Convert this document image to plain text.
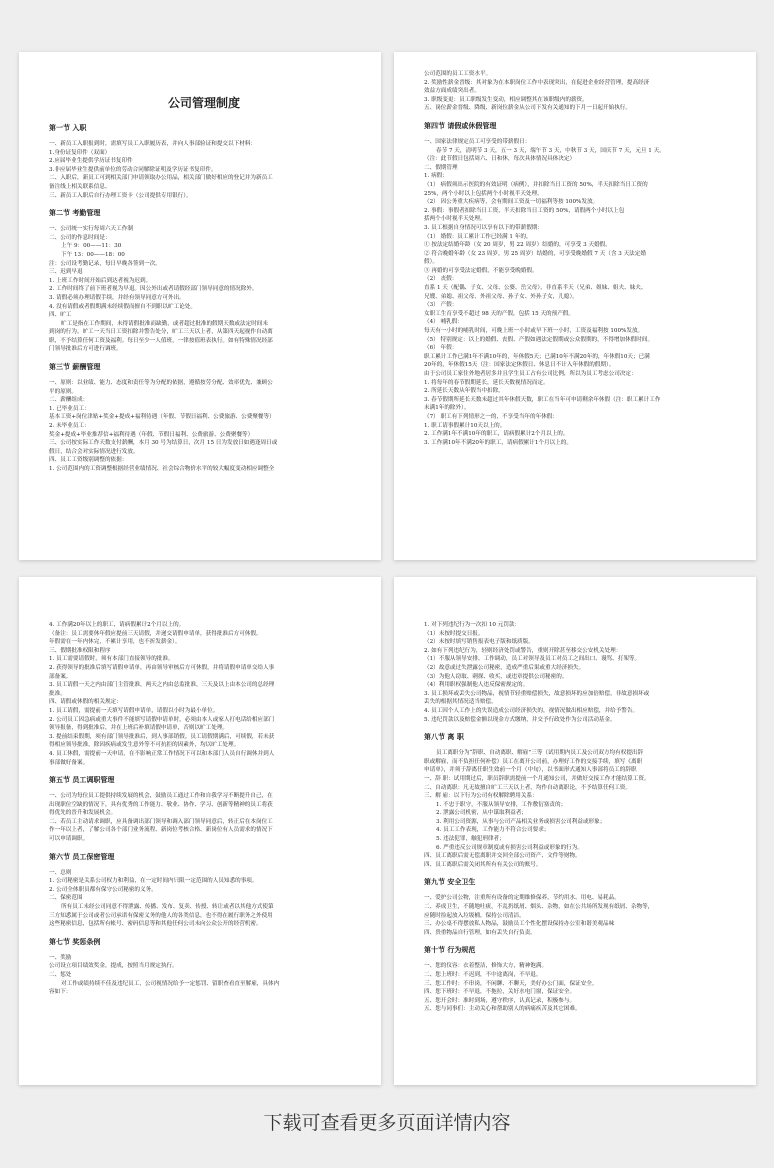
公司管理制度
第一节 入职
一、新员工入职报到时，需填写员工入职履历表，并向人事部验证和提交以下材料：
1.身份证复印件（双面）
2.应届毕业生提供学历证书复印件
3.非应届毕业生提供前单位的劳动合同解除证明及学历证书复印件。
二、入职后，新员工可到相关部门申请领取办公用品，相关部门做好相应的登记并为新员工
备注线上相关联系信息。
三、新员工入职后自行办理工资卡（公司提供专用银行）。
第二节 考勤管理
一、公司统一实行每周六天工作制
二、公司的作息时间是：
上午 9：00——11：30
下午 13：00——18：00
注：公司设考勤记录，每日早晚各签到一次。
三、迟到早退
1. 上班工作时间开始后到达者视为迟到。
2. 工作时间终了前下班者视为早退。因公外出或者请假经部门领导同意的情况除外。
3. 请假必须办理请假手续，并经有领导同意方可外出。
4. 没有请假或者假期满未经续假而擅自不到职以旷工论处。
四、旷工
旷工是指在工作期间，未得请假批准而缺勤，或者超过批准的假期天数或法定时间未
到岗的行为。旷工一天当日工资扣除并警告处分，旷工三天以上者，从第四天起视作自动离
职，不予结算任何工资及福利。每日至少一人值班，一律按值班表执行。如有特殊情况经部
门领导批准后方可进行调班。
第三节 薪酬管理
一、原则：以业绩、能力、态度和责任等为分配的依据，遵循按劳分配、效率优先、兼顾公
平的原则。
二、薪酬组成：
1. 已毕业员工：
基本工资+岗位津贴+奖金+提成+福利待遇（年假、节假日福利、公费旅游、公费聚餐等）
2. 未毕业员工：
奖金+提成+毕业推荐信+福利待遇（年假、节假日福利、公费旅游、公费聚餐等）
三、公司按实际工作天数支付薪酬，本月 30 号为结算日，次月 15 日为发放日如遇逢周日或
假日，结合会对实际情况进行发放。
四、员工工资级别调整的依据：
1. 公司范围内的工资调整根据经营业绩情况、社会综合物价水平的较大幅度变动相应调整全
公司范围的员工工资水平。
2. 奖励性薪金晋级：其对象为在本职岗位工作中表现突出，在促进企业经营管理，提高经济
效益方面成绩突出者。
3. 职级变更：员工职级发生变动，相应调整其在该职级内的薪资。
五、岗位薪金晋级、降级、新岗位薪金从公司下发有关通知的下月一日起开始执行。
第四节 请假或休假管理
一、国家法律规定员工可享受的带薪假日：
春节 7 天，清明节 3 天，五一 3 天，端午节 3 天，中秋节 3 天，国庆节 7 天，元旦 1 天。
（注：此节假日包括周六、日和休，每次具体情况具体决定）
二、假期管理
1. 病假：
（1） 病假须出示医院的有效证明（病例），并扣除当日工资的 50%，半天扣除当日工资的
25%，两个小时以上包括两个小时视半天处理。
（2） 因公务重大疾病等，会有期间工资及一切福利等按 100%发放。
2. 事假：事假者扣除当日工资，半天扣除当日工资的 50%，请假两个小时以上包
括两个小时视半天处理。
3. 员工根据自身情况可以享有以下的带薪假期：
（1） 婚假：员工累计工作已经满 1 年的，
① 按法定结婚年龄（女 20 周岁，男 22 周岁）结婚的，可享受 3 天婚假。
② 符合晚婚年龄（女 23 周岁，男 25 周岁）结婚的，可享受晚婚假 7 天（含 3 天法定婚
假）。
③ 再婚的可享受法定婚假，不能享受晚婚假。
（2） 丧假：
直系 1 天（配偶、子女、父母、公婆、岳父母），非直系半天（兄弟、姐妹、姐夫、妹夫、
兄嫂、弟媳、祖父母、外祖父母、孙子女、外孙子女，儿媳）。
（3） 产假：
女职工生育享受不超过 98 天的产假，包括 15 天的预产假。
（4） 哺乳假：
每天有一小时的哺乳时间，可晚上班一小时或早下班一小时，工资及福利按 100%发放。
（5） 特别规定：以上的婚假、丧假、产假如遇法定假期或公众假期的，不得增加休假时间。
（6） 年假：
职工累计工作已满1年不满10年的，年休假5天；已满10年不满20年的，年休假10天；已满
20年的，年休假15天（注：国家法定休假日、休息日不计入年休假的假期）。
由于公司员工家住外地者居多并且学生员工占有公司比例，所以为员工考虑公司决定：
1. 将每年的春节假期延长，延长天数视情况而定。
2. 所延长天数从年假当中扣除。
3. 春节假期所延长天数未超过其年休假天数，职工在当年可申请剩余年休假（注：职工累计工作
未满1年的除外）。
（7） 职工有下列情形之一的，不享受当年的年休假：
1. 职工请事假累计10天以上的。
2. 工作满1年不满10年的职工，请病假累计2个月以上的。
3. 工作满10年不满20年的职工，请病假累计1个月以上的。
4. 工作满20年以上的职工，请病假累计2个月以上的。
（备注：员工需要休年假应提前三天请假，并递交请假申请单，获得批准后方可休假。
年假需在一年内休完，不累计享用，也不折发薪金）。
三、假期批准权限和程序
1. 员工需要请假时，须有本部门直接领导的批准。
2. 获得领导的批准后填写请假申请单，再由领导审核后方可休假，并将请假申请单交给人事
部备案。
3. 员工请假一天之内由部门主管批准，两天之内由总监批准，三天及以上由本公司的总经理
批准。
四、请假或休假的相关规定：
1. 员工请假，需提前一天填写请假申请单，请假以小时为最小单位。
2. 公司员工因急病或重大事件不能填写请假申请单时，必须由本人或家人打电话给相应部门
领导报备，得到批准后，并在上班后补填请假申请单，否则以旷工处理。
3. 提前结束假期，须有部门领导批准后，到人事部销假。员工请假期满后，可续假，若未获
得相应领导批准，除因疾病或发生意外等不可抗拒的因素外，均以旷工处理。
4. 员工休假，需提前一天申请，在不影响正常工作情况下可以和本部门人员自行调休并到人
事部做好备案。
第五节 员工调职管理
一、公司为每位员工提供持续发展的机会，鼓励员工通过工作和自我学习不断提升自己，在
出现职位空缺的情况下，具有优秀的工作能力、敬业、协作、学习、创新等精神的员工将获
得优先的晋升和发展机会。
二、若员工主动请求调职，应具备调出部门领导和调入部门领导同意后，转正后在本岗位工
作一年以上者，了解公司各个部门业务流程、新岗位考核合格、新岗位有人员需求的情况下
可以申请调职。
第六节 员工保密管理
一、总则
1. 公司秘密是关系公司权力和利益，在一定时间内只限一定范围的人员知悉的事项。
2. 公司全体职员都有保守公司秘密的义务。
二、保密范围
所有员工未经公司同意不得泄露、传播、发布、复卖、传授、转让或者以其他方式使第
三方知悉属于公司或者公司承诺有保密义务的他人的各类信息，也不得在履行职务之外使用
这些秘密信息，包括所有帐号、密码信息等和其他任何公司未向公众公开的经营机密。
第七节 奖惩条例
一、奖励
公司设立项目绩效奖金，提成，按照当月规定执行。
二、惩处
对工作或绩持续不佳及违纪员工，公司视情况给予一定惩罚、留职查看直至解雇，具体内
容如下：
1. 对下列违纪行为一次扣 10 元罚款：
（1）未按时提交日报。
（2）未按时填写销售报表电子版和纸质版。
2. 如有下列违纪行为，轻则经济处罚或警告，重则开除甚至移交公安机关处理：
（1）不服从领导安排、工作调动，员工对领导及员工对员工之间出口、谩骂、打架等。
（2）故意或过失泄露公司秘密，造成严重后果或重大经济损失。
（3）为他人窃取、刺探、收买、或违章提供公司秘密的。
（4）利用职权强制他人违反保密规定的。
3. 员工损坏或丢失公司物品，视情节轻重赔偿损失，故意损坏的应加倍赔偿，非故意损坏或
丢失的根据其情况适当赔偿。
4. 员工因个人工作上的失误造成公司经济损失的，视情况做出相应赔偿，并给予警告。
5. 违纪罚款以及赔偿金额以现金方式缴纳，并交予行政处作为公司活动基金。
第八节 离 职
员工离职分为“辞职、自动离职、解雇”三等（试用期内员工及公司双方均有权提出辞
职或解雇，而不负担任何补偿）员工在离开公司前，办理好工作的交接手续，填写《离职
申请单》，并须于辞离任职生效前一个月（中旬），以书面形式通知人事部将员工的辞职
一、辞 职：试用期过后，职员辞职需提前一个月通知公司，并做好交接工作才能结算工资。
二、自动离职：凡无故擅自旷工三天以上者，均作自动离职论，不予结算任何工资。
三、解 雇：以下行为公司有权解除聘用关系：
1. 不忠于职守，不服从领导安排，工作敷衍塞责的；
2. 泄露公司机密，从中谋取利益者；
3. 利用公司资源，从事与公司产品相关业务或损害公司利益或形象；
4. 员工工作表现，工作能力不符合公司要求；
5. 违法犯罪，触犯刑律者；
6. 严重违反公司规章制度或有损害公司利益或形象的行为。
四、员工离职后需无偿离职并交回全部公司资产、文件等财物。
四、员工离职后需关闭其所有有关公司的账号。
第九节 安全卫生
一、爱护公司公物，注重所有设备的定期维修保养，节约用水、用电、易耗品。
二、养成卫生，不随地吐痰，不乱扔纸屑、烟头、杂物，如在公共场所发现有纸屑、杂物等，
应随时捡起放入垃圾桶，保持公司清洁。
三、办公桌不得摆放私人物品，鼓励员工个性化摆设保持办公室和谐美观品味
四、贵重物品自行管理，如有丢失自行负责。
第十节 行为规范
一、您的仪容：衣着整洁，修饰大方，精神饱满。
二、您上班时：不迟到，不中途离岗，不早退。
三、您工作时：不串岗，不闲聊、不聊天，美好办公门面，保证安全。
四、您下班时：不早退，不拖拉，关好水电门窗，保证安全。
五、您开会时：准时到场，遵守秩序，认真记录，积极参与。
五、您与同事们：主动关心和帮助别人的病痛疾苦及其它困难。
下载可查看更多页面详情内容
